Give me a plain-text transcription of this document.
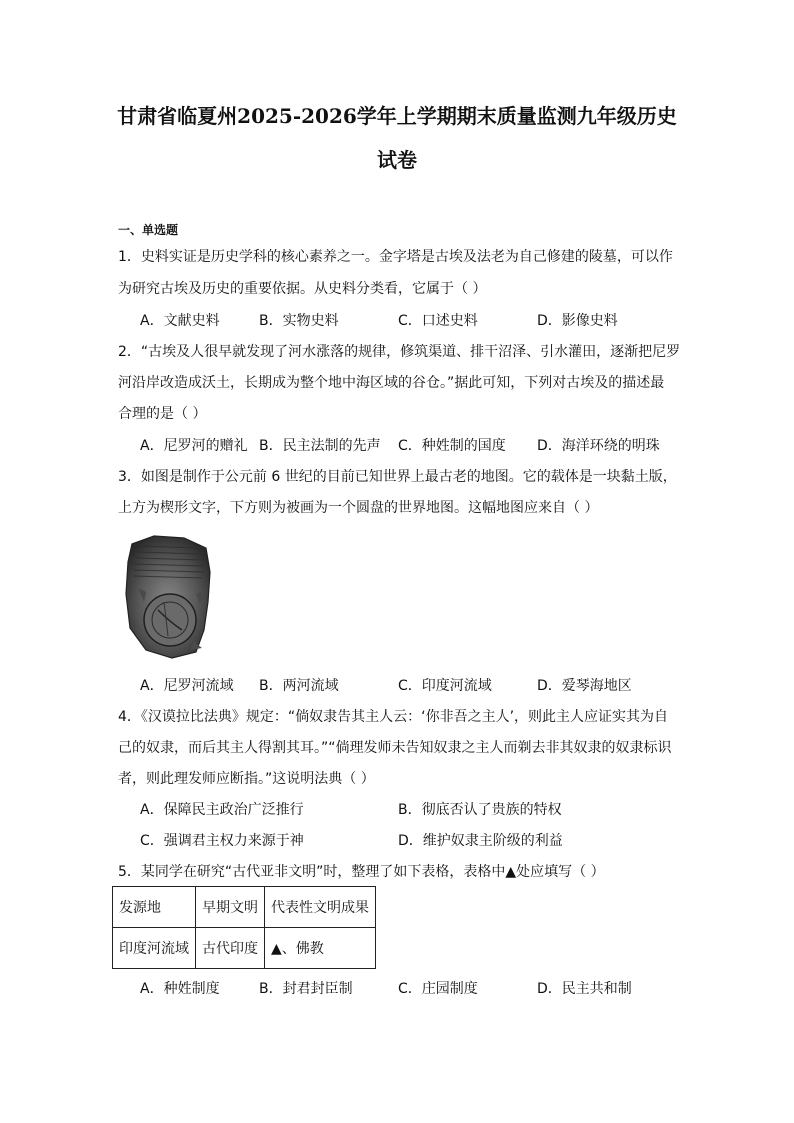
甘肃省临夏州2025-2026学年上学期期末质量监测九年级历史
试卷
一、单选题
1．史料实证是历史学科的核心素养之一。金字塔是古埃及法老为自己修建的陵墓，可以作
为研究古埃及历史的重要依据。从史料分类看，它属于（ ）
A．文献史料	B．实物史料	C．口述史料	D．影像史料
2．“古埃及人很早就发现了河水涨落的规律，修筑渠道、排干沼泽、引水灌田，逐渐把尼罗
河沿岸改造成沃土，长期成为整个地中海区域的谷仓。”据此可知，下列对古埃及的描述最
合理的是（ ）
A．尼罗河的赠礼 B．民主法制的先声 C．种姓制的国度 D．海洋环绕的明珠
3．如图是制作于公元前 6 世纪的目前已知世界上最古老的地图。它的载体是一块黏土版，
上方为楔形文字，下方则为被画为一个圆盘的世界地图。这幅地图应来自（ ）
A．尼罗河流域 B．两河流域	C．印度河流域	D．爱琴海地区
4．《汉谟拉比法典》规定：“倘奴隶告其主人云：‘你非吾之主人’，则此主人应证实其为自
己的奴隶，而后其主人得割其耳。”“倘理发师未告知奴隶之主人而剃去非其奴隶的奴隶标识
者，则此理发师应断指。”这说明法典（ ）
A．保障民主政治广泛推行	B．彻底否认了贵族的特权
C．强调君主权力来源于神	D．维护奴隶主阶级的利益
5．某同学在研究“古代亚非文明”时，整理了如下表格，表格中▲处应填写（ ）
发源地	早期文明	代表性文明成果
印度河流域	古代印度	▲、佛教
A．种姓制度	B．封君封臣制	C．庄园制度	D．民主共和制
